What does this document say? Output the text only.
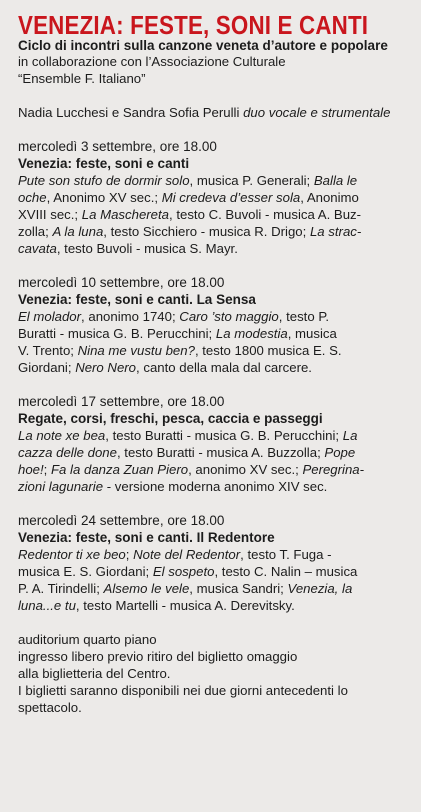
VENEZIA: FESTE, SONI E CANTI
Ciclo di incontri sulla canzone veneta d’autore e popolare
in collaborazione con l’Associazione Culturale
“Ensemble F. Italiano”
Nadia Lucchesi e Sandra Sofia Perulli duo vocale e strumentale
mercoledì 3 settembre, ore 18.00
Venezia: feste, soni e canti
Pute son stufo de dormir solo, musica P. Generali; Balla le
oche, Anonimo XV sec.; Mi credeva d’esser sola, Anonimo
XVIII sec.; La Maschereta, testo C. Buvoli - musica A. Buz-
zolla; A la luna, testo Sicchiero - musica R. Drigo; La strac-
cavata, testo Buvoli - musica S. Mayr.
mercoledì 10 settembre, ore 18.00
Venezia: feste, soni e canti. La Sensa
El molador, anonimo 1740; Caro ’sto maggio, testo P.
Buratti - musica G. B. Perucchini; La modestia, musica
V. Trento; Nina me vustu ben?, testo 1800 musica E. S.
Giordani; Nero Nero, canto della mala dal carcere.
mercoledì 17 settembre, ore 18.00
Regate, corsi, freschi, pesca, caccia e passeggi
La note xe bea, testo Buratti - musica G. B. Perucchini; La
cazza delle done, testo Buratti - musica A. Buzzolla; Pope
hoe!; Fa la danza Zuan Piero, anonimo XV sec.; Peregrina-
zioni lagunarie - versione moderna anonimo XIV sec.
mercoledì 24 settembre, ore 18.00
Venezia: feste, soni e canti. Il Redentore
Redentor ti xe beo; Note del Redentor, testo T. Fuga -
musica E. S. Giordani; El sospeto, testo C. Nalin – musica
P. A. Tirindelli; Alsemo le vele, musica Sandri; Venezia, la
luna...e tu, testo Martelli - musica A. Derevitsky.
auditorium quarto piano
ingresso libero previo ritiro del biglietto omaggio
alla biglietteria del Centro.
I biglietti saranno disponibili nei due giorni antecedenti lo
spettacolo.
